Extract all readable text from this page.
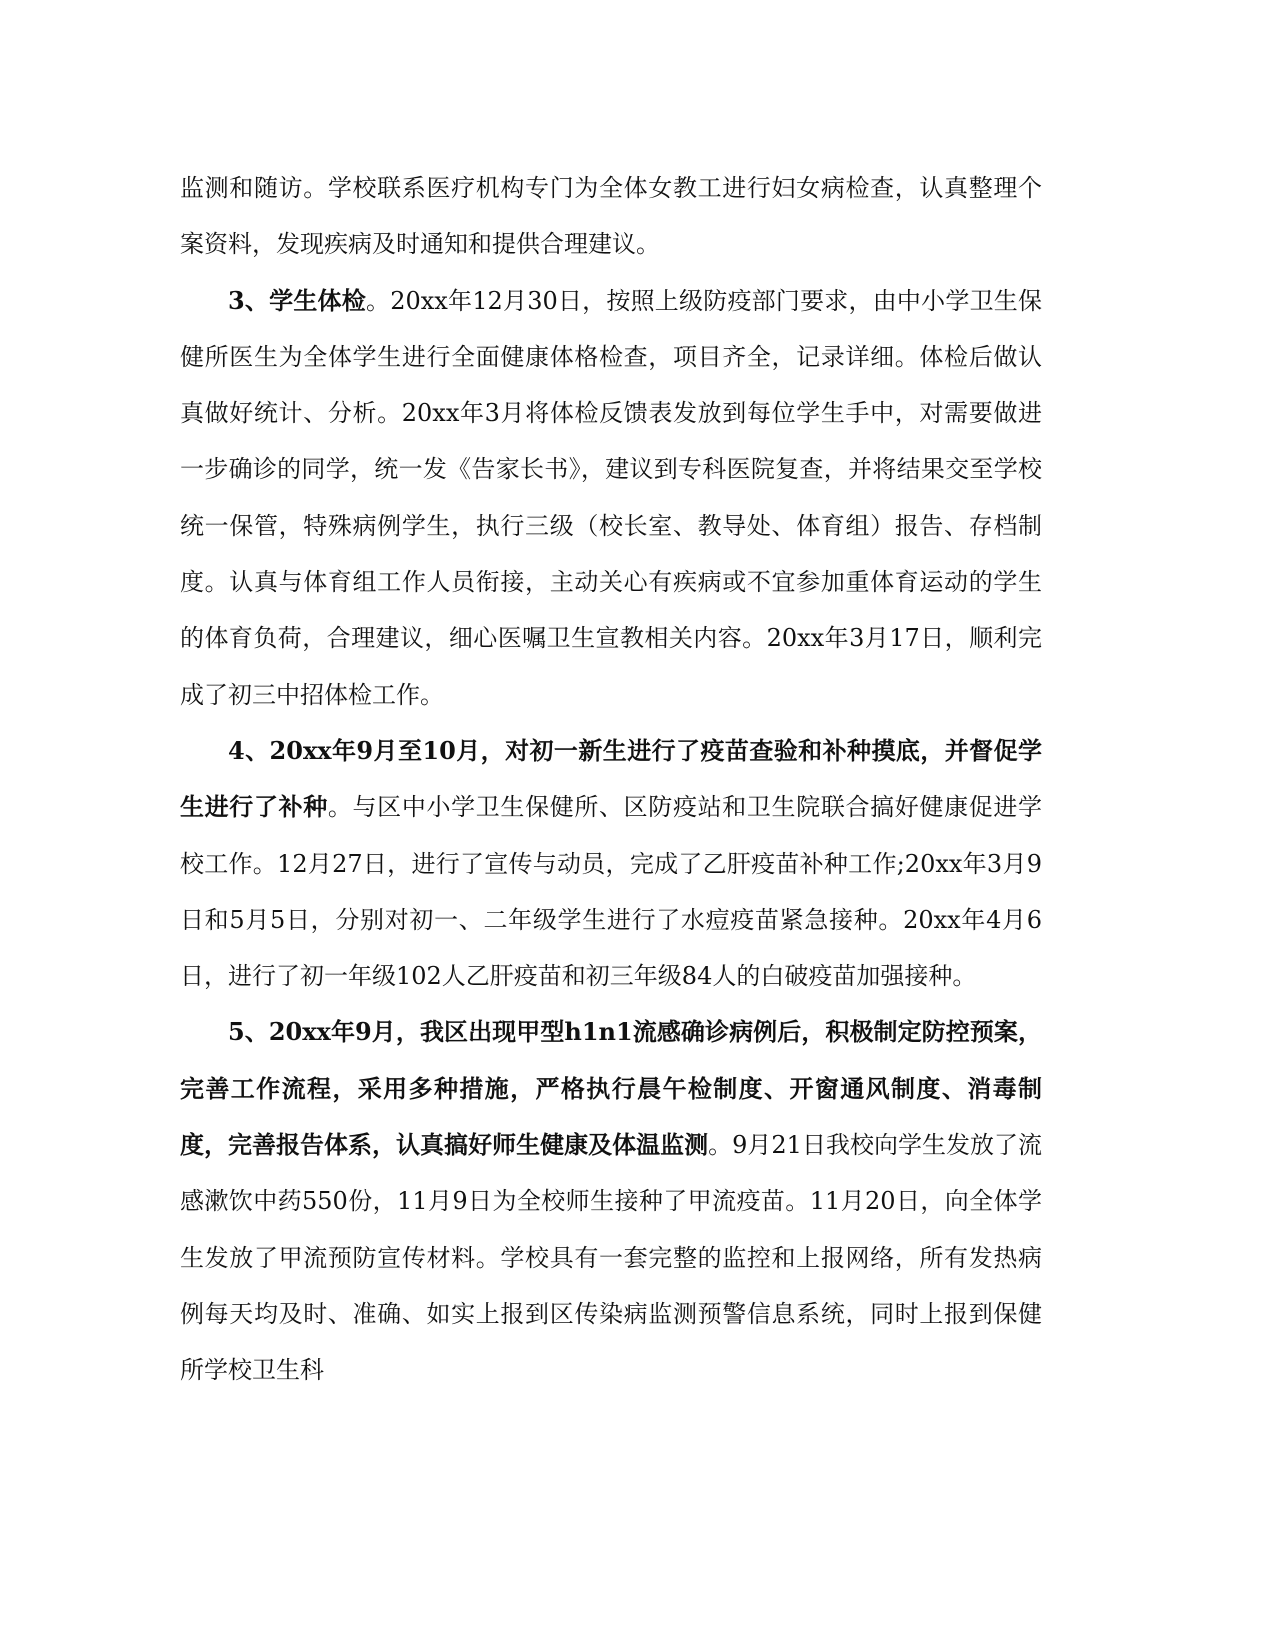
监测和随访。学校联系医疗机构专门为全体女教工进行妇女病检查，认真整理个案资料，发现疾病及时通知和提供合理建议。

3、学生体检。20xx年12月30日，按照上级防疫部门要求，由中小学卫生保健所医生为全体学生进行全面健康体格检查，项目齐全，记录详细。体检后做认真做好统计、分析。20xx年3月将体检反馈表发放到每位学生手中，对需要做进一步确诊的同学，统一发《告家长书》，建议到专科医院复查，并将结果交至学校统一保管，特殊病例学生，执行三级（校长室、教导处、体育组）报告、存档制度。认真与体育组工作人员衔接，主动关心有疾病或不宜参加重体育运动的学生的体育负荷，合理建议，细心医嘱卫生宣教相关内容。20xx年3月17日，顺利完成了初三中招体检工作。

4、20xx年9月至10月，对初一新生进行了疫苗查验和补种摸底，并督促学生进行了补种。与区中小学卫生保健所、区防疫站和卫生院联合搞好健康促进学校工作。12月27日，进行了宣传与动员，完成了乙肝疫苗补种工作;20xx年3月9日和5月5日，分别对初一、二年级学生进行了水痘疫苗紧急接种。20xx年4月6日，进行了初一年级102人乙肝疫苗和初三年级84人的白破疫苗加强接种。

5、20xx年9月，我区出现甲型h1n1流感确诊病例后，积极制定防控预案，完善工作流程，采用多种措施，严格执行晨午检制度、开窗通风制度、消毒制度，完善报告体系，认真搞好师生健康及体温监测。9月21日我校向学生发放了流感漱饮中药550份，11月9日为全校师生接种了甲流疫苗。11月20日，向全体学生发放了甲流预防宣传材料。学校具有一套完整的监控和上报网络，所有发热病例每天均及时、准确、如实上报到区传染病监测预警信息系统，同时上报到保健所学校卫生科
